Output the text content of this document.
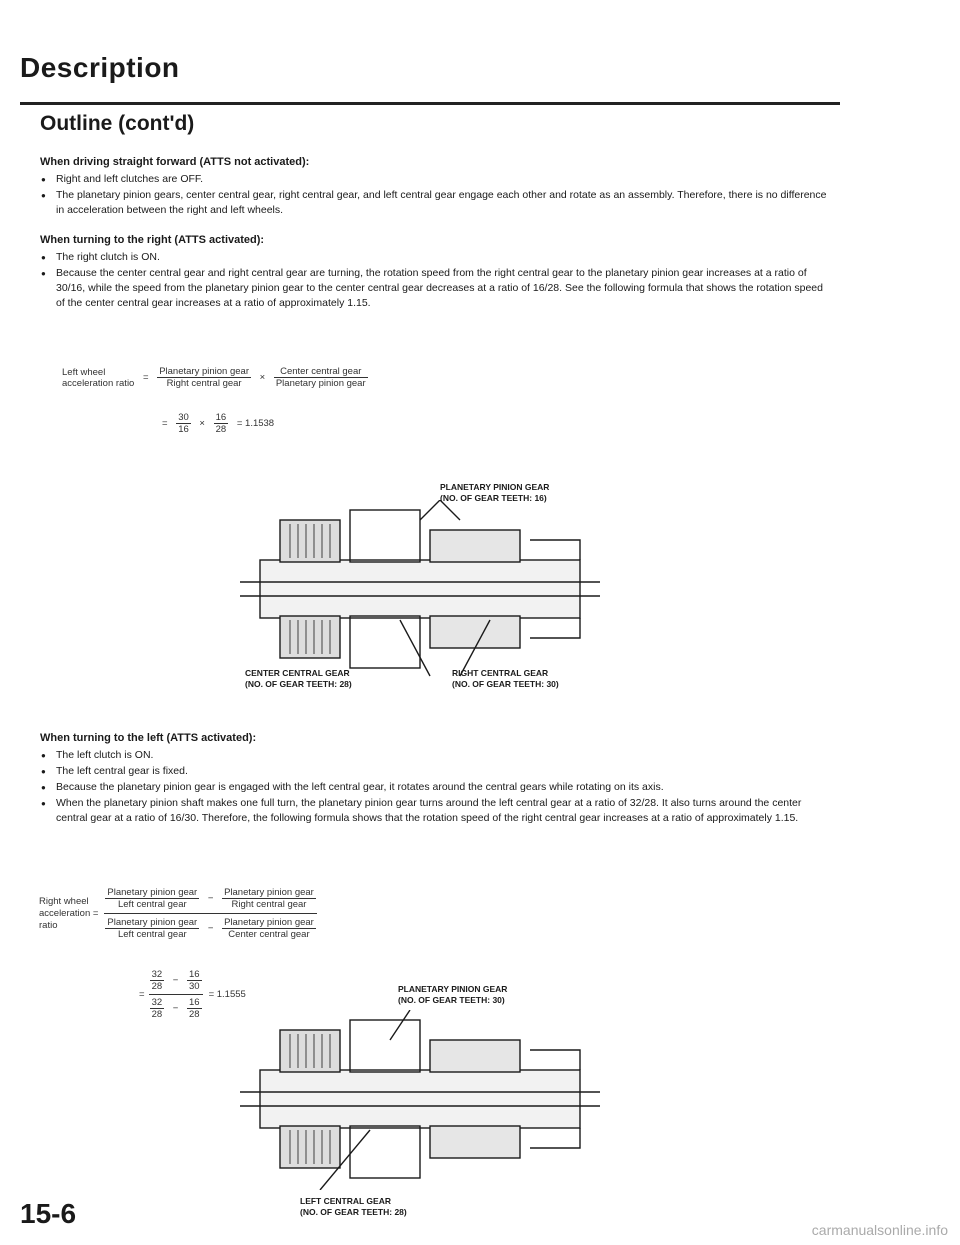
Description
Outline (cont'd)
When driving straight forward (ATTS not activated):
● Right and left clutches are OFF.
● The planetary pinion gears, center central gear, right central gear, and left central gear engage each other and rotate as an assembly. Therefore, there is no difference in acceleration between the right and left wheels.
When turning to the right (ATTS activated):
● The right clutch is ON.
● Because the center central gear and right central gear are turning, the rotation speed from the right central gear to the planetary pinion gear increases at a ratio of 30/16, while the speed from the planetary pinion gear to the center central gear decreases at a ratio of 16/28. See the following formula that shows the rotation speed of the center central gear increases at a ratio of approximately 1.15.
Left wheel
acceleration ratio = $\frac{\text{Planetary pinion gear}}{\text{Right central gear}} \times \frac{\text{Center central gear}}{\text{Planetary pinion gear}}$
= $\frac{30}{16} \times \frac{16}{28} = 1.1538$
PLANETARY PINION GEAR
(NO. OF GEAR TEETH: 16)
CENTER CENTRAL GEAR
(NO. OF GEAR TEETH: 28)
RIGHT CENTRAL GEAR
(NO. OF GEAR TEETH: 30)
When turning to the left (ATTS activated):
● The left clutch is ON.
● The left central gear is fixed.
● Because the planetary pinion gear is engaged with the left central gear, it rotates around the central gears while rotating on its axis.
● When the planetary pinion shaft makes one full turn, the planetary pinion gear turns around the left central gear at a ratio of 32/28. It also turns around the center central gear at a ratio of 16/30. Therefore, the following formula shows that the rotation speed of the right central gear increases at a ratio of approximately 1.15.
Right wheel
acceleration =
ratio

$\frac{\text{Planetary pinion gear}}{\text{Left central gear}} - \frac{\text{Planetary pinion gear}}{\text{Right central gear}}$

$\frac{\text{Planetary pinion gear}}{\text{Left central gear}} - \frac{\text{Planetary pinion gear}}{\text{Center central gear}}$
=	
$\frac{32}{28} - \frac{16}{30}$
	= 1.1555

$\frac{32}{28} - \frac{16}{28}$
PLANETARY PINION GEAR
(NO. OF GEAR TEETH: 30)
LEFT CENTRAL GEAR
(NO. OF GEAR TEETH: 28)
15-6
carmanualsonline.info
